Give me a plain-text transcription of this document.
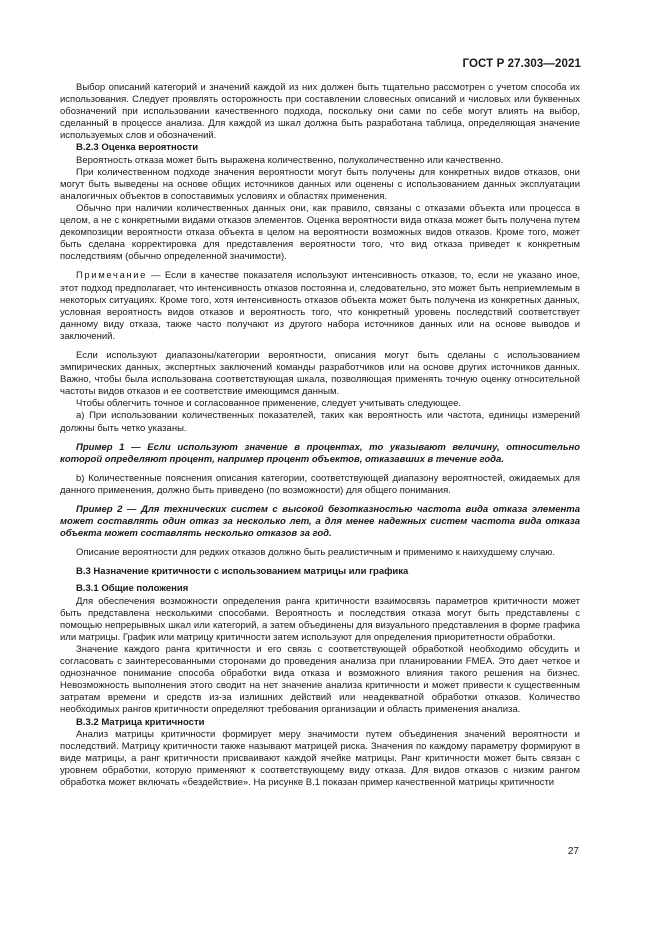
ГОСТ Р 27.303—2021

Выбор описаний категорий и значений каждой из них должен быть тщательно рассмотрен с учетом способа их использования. Следует проявлять осторожность при составлении словесных описаний и числовых или буквенных обозначений при использовании качественного подхода, поскольку они сами по себе могут влиять на выбор, сделанный в процессе анализа. Для каждой из шкал должна быть разработана таблица, определяющая значение используемых слов и обозначений.

В.2.3 Оценка вероятности

Вероятность отказа может быть выражена количественно, полуколичественно или качественно.

При количественном подходе значения вероятности могут быть получены для конкретных видов отказов, они могут быть выведены на основе общих источников данных или оценены с использованием данных эксплуатации аналогичных объектов в сопоставимых условиях и областях применения.

Обычно при наличии количественных данных они, как правило, связаны с отказами объекта или процесса в целом, а не с конкретными видами отказов элементов. Оценка вероятности вида отказа может быть получена путем декомпозиции вероятности отказа объекта в целом на вероятности возможных видов отказов. Кроме того, может быть сделана корректировка для представления вероятности того, что вид отказа приведет к конкретным последствиям (обычно определенной значимости).

Примечание — Если в качестве показателя используют интенсивность отказов, то, если не указано иное, этот подход предполагает, что интенсивность отказов постоянна и, следовательно, это может быть неприемлемым в некоторых ситуациях. Кроме того, хотя интенсивность отказов объекта может быть получена из конкретных данных, условная вероятность видов отказов и вероятность того, что конкретный уровень последствий соответствует данному виду отказа, также часто получают из другого набора источников данных или на основе выводов и заключений.

Если используют диапазоны/категории вероятности, описания могут быть сделаны с использованием эмпирических данных, экспертных заключений команды разработчиков или на основе других источников данных. Важно, чтобы была использована соответствующая шкала, позволяющая применять точную оценку относительной частоты видов отказов и ее соответствие имеющимся данным.

Чтобы облегчить точное и согласованное применение, следует учитывать следующее.

а) При использовании количественных показателей, таких как вероятность или частота, единицы измерений должны быть четко указаны.

Пример 1 — Если используют значение в процентах, то указывают величину, относительно которой определяют процент, например процент объектов, отказавших в течение года.

b) Количественные пояснения описания категории, соответствующей диапазону вероятностей, ожидаемых для данного применения, должно быть приведено (по возможности) для общего понимания.

Пример 2 — Для технических систем с высокой безотказностью частота вида отказа элемента может составлять один отказ за несколько лет, а для менее надежных систем частота вида отказа объекта может составлять несколько отказов за год.

Описание вероятности для редких отказов должно быть реалистичным и применимо к наихудшему случаю.

В.3 Назначение критичности с использованием матрицы или графика

В.3.1 Общие положения

Для обеспечения возможности определения ранга критичности взаимосвязь параметров критичности может быть представлена несколькими способами. Вероятность и последствия отказа могут быть представлены с помощью непрерывных шкал или категорий, а затем объединены для визуального представления в форме графика или матрицы. График или матрицу критичности затем используют для определения приоритетности обработки.

Значение каждого ранга критичности и его связь с соответствующей обработкой необходимо обсудить и согласовать с заинтересованными сторонами до проведения анализа при планировании FMEA. Это дает четкое и однозначное понимание способа обработки вида отказа и возможного влияния такого решения на бизнес. Невозможность выполнения этого сводит на нет значение анализа критичности и может привести к существенным затратам времени и средств из-за излишних действий или неадекватной обработки отказов. Количество необходимых рангов критичности определяют требования организации и область применения анализа.

В.3.2 Матрица критичности

Анализ матрицы критичности формирует меру значимости путем объединения значений вероятности и последствий. Матрицу критичности также называют матрицей риска. Значения по каждому параметру формируют в виде матрицы, а ранг критичности присваивают каждой ячейке матрицы. Ранг критичности может быть связан с уровнем обработки, которую применяют к соответствующему виду отказа. Для видов отказов с низким рангом обработка может включать «бездействие». На рисунке В.1 показан пример качественной матрицы критичности

27
